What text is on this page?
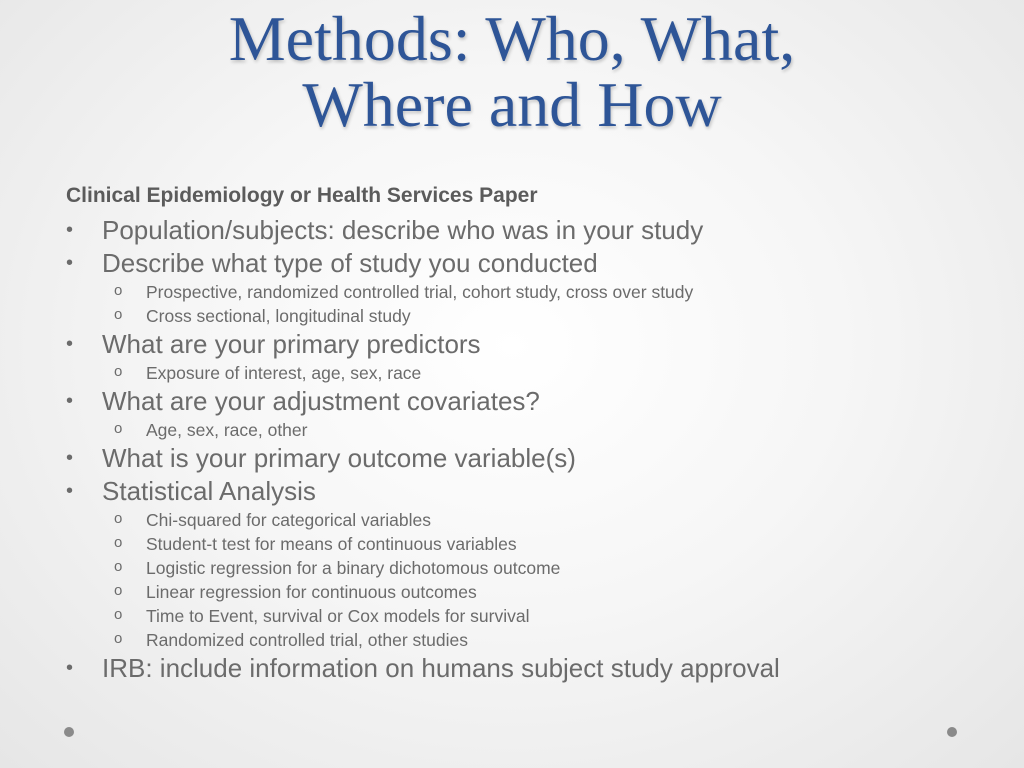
Methods: Who, What,
Where and How
Clinical Epidemiology or Health Services Paper
• Population/subjects: describe who was in your study
• Describe what type of study you conducted
o Prospective, randomized controlled trial, cohort study, cross over study
o Cross sectional, longitudinal study
• What are your primary predictors
o Exposure of interest, age, sex, race
• What are your adjustment covariates?
o Age, sex, race, other
• What is your primary outcome variable(s)
• Statistical Analysis
o Chi-squared for categorical variables
o Student-t test for means of continuous variables
o Logistic regression for a binary dichotomous outcome
o Linear regression for continuous outcomes
o Time to Event, survival or Cox models for survival
o Randomized controlled trial, other studies
• IRB: include information on humans subject study approval
